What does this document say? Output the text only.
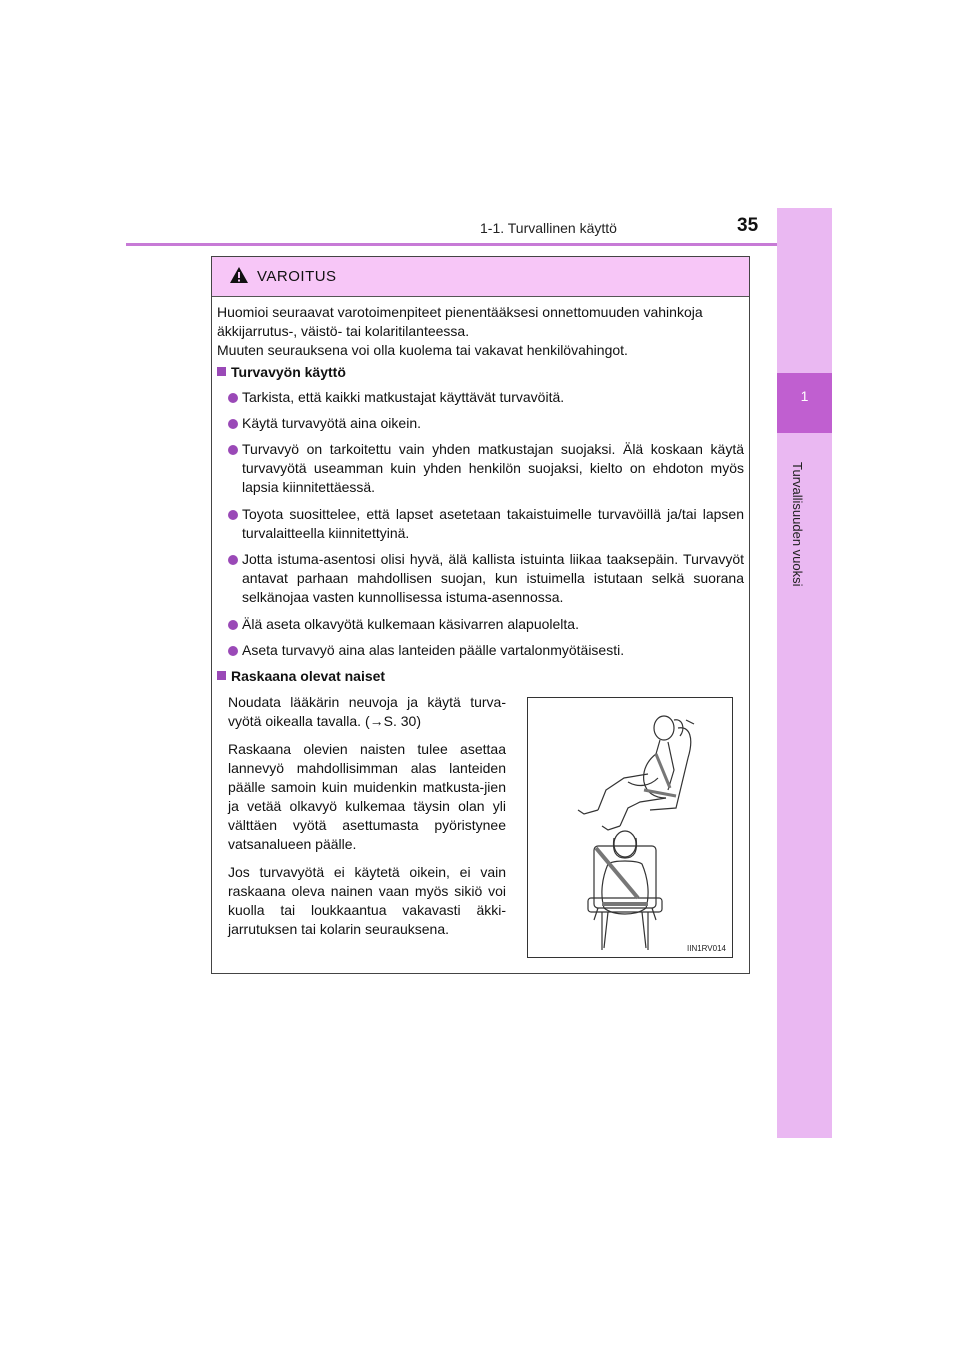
1-1. Turvallinen käyttö	35
1
Turvallisuuden vuoksi
VAROITUS

Huomioi seuraavat varotoimenpiteet pienentääksesi onnettomuuden vahinkoja äkkijarrutus-, väistö- tai kolaritilanteessa.

Muuten seurauksena voi olla kuolema tai vakavat henkilövahingot.

Turvavyön käyttö
Tarkista, että kaikki matkustajat käyttävät turvavöitä.
Käytä turvavyötä aina oikein.
Turvavyö on tarkoitettu vain yhden matkustajan suojaksi. Älä koskaan käytä turvavyötä useamman kuin yhden henkilön suojaksi, kielto on ehdoton myös lapsia kiinnitettäessä.
Toyota suosittelee, että lapset asetetaan takaistuimelle turvavöillä ja/tai lapsen turvalaitteella kiinnitettyinä.
Jotta istuma-asentosi olisi hyvä, älä kallista istuinta liikaa taaksepäin. Turvavyöt antavat parhaan mahdollisen suojan, kun istuimella istutaan selkä suorana selkänojaa vasten kunnollisessa istuma-asennossa.
Älä aseta olkavyötä kulkemaan käsivarren alapuolelta.
Aseta turvavyö aina alas lanteiden päälle vartalonmyötäisesti.
Raskaana olevat naiset

Noudata lääkärin neuvoja ja käytä turva-vyötä oikealla tavalla. (→S. 30)

Raskaana olevien naisten tulee asettaa lannevyö mahdollisimman alas lanteiden päälle samoin kuin muidenkin matkusta-jien ja vetää olkavyö kulkemaa täysin olan yli välttäen vyötä asettumasta pyöristynee vatsanalueen päälle.

Jos turvavyötä ei käytetä oikein, ei vain raskaana oleva nainen vaan myös sikiö voi kuolla tai loukkaantua vakavasti äkki-jarrutuksen tai kolarin seurauksena.

IIN1RV014
